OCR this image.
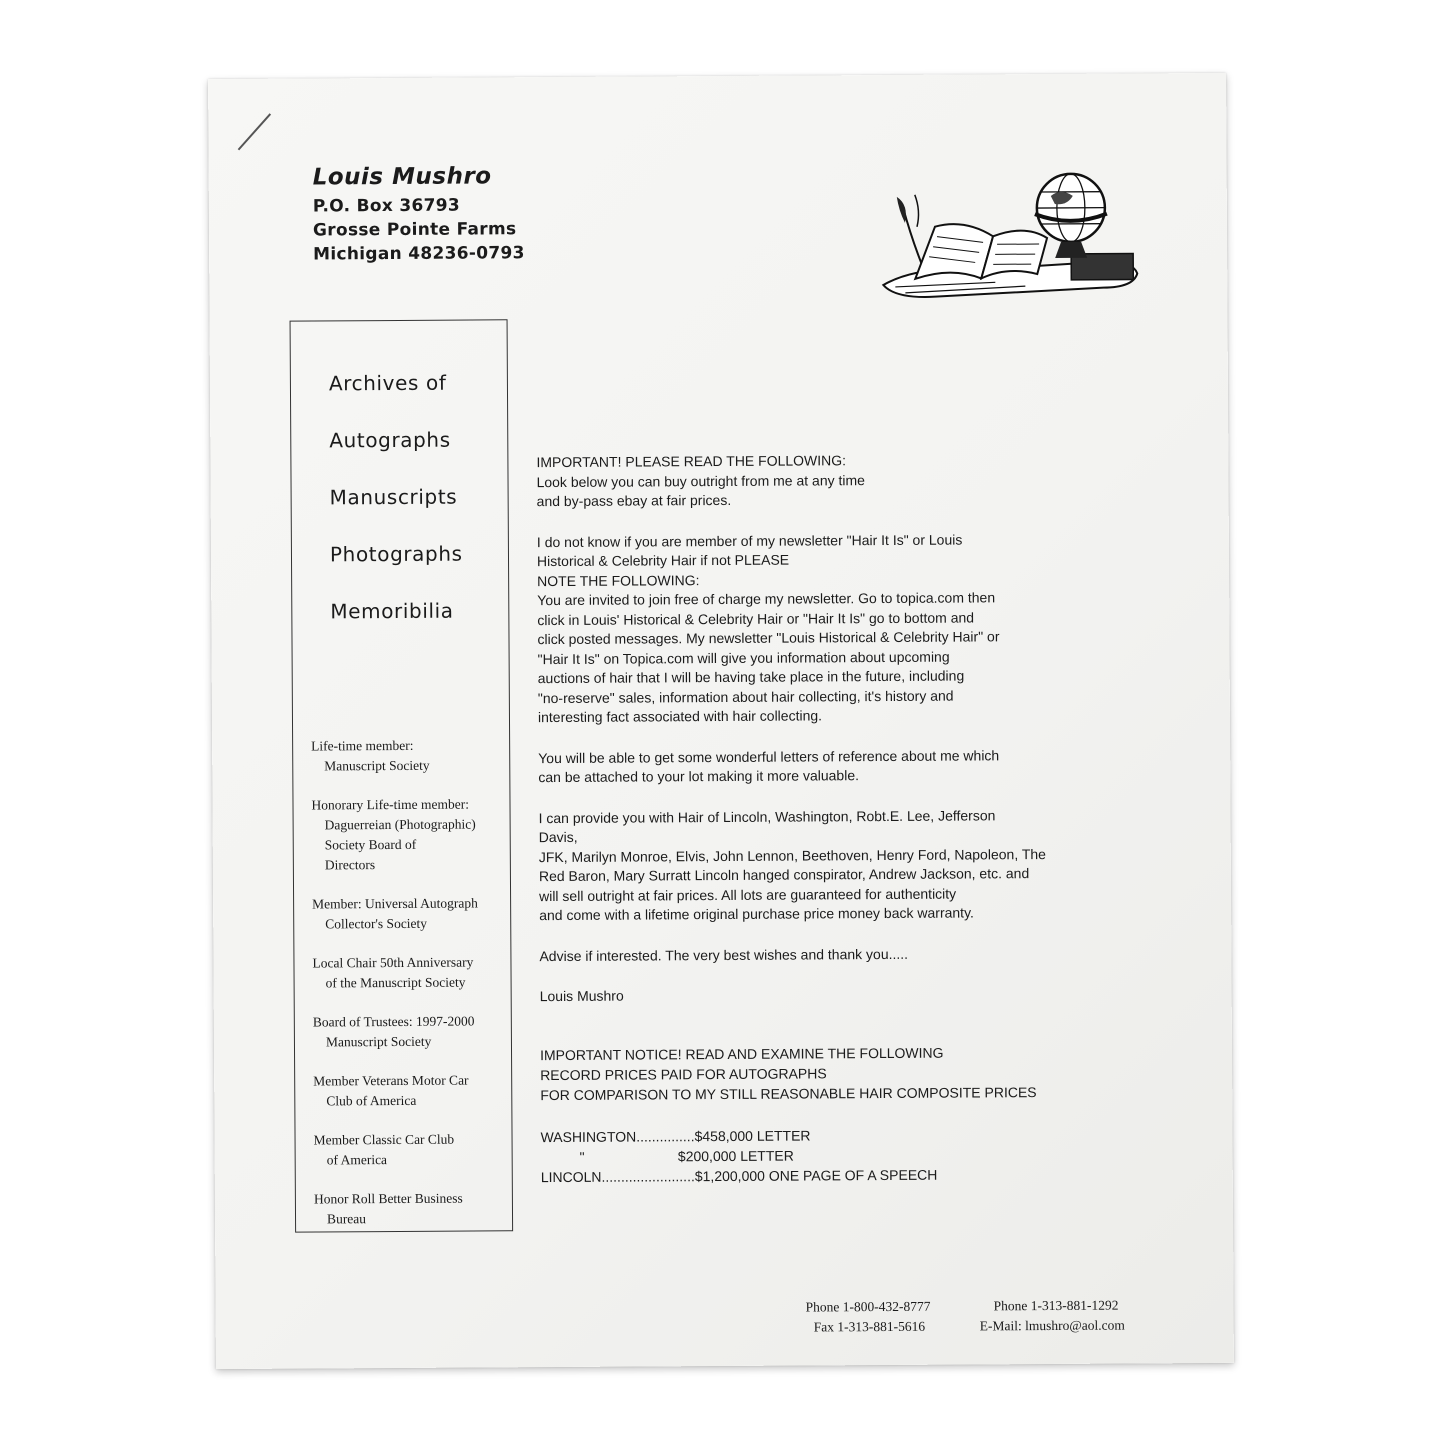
Louis Mushro
P.O. Box 36793
Grosse Pointe Farms
Michigan 48236-0793
Archives of
Autographs
Manuscripts
Photographs
Memoribilia
Life-time member:
Manuscript Society
Honorary Life-time member:
Daguerreian (Photographic)
Society Board of
Directors
Member: Universal Autograph
Collector's Society
Local Chair 50th Anniversary
of the Manuscript Society
Board of Trustees: 1997-2000
Manuscript Society
Member Veterans Motor Car
Club of America
Member Classic Car Club
of America
Honor Roll Better Business
Bureau

IMPORTANT! PLEASE READ THE FOLLOWING:
Look below you can buy outright from me at any time
and by-pass ebay at fair prices.

I do not know if you are member of my newsletter "Hair It Is" or Louis
Historical & Celebrity Hair if not PLEASE
NOTE THE FOLLOWING:
You are invited to join free of charge my newsletter. Go to topica.com then
click in Louis' Historical & Celebrity Hair or "Hair It Is" go to bottom and
click posted messages. My newsletter "Louis Historical & Celebrity Hair" or
"Hair It Is" on Topica.com will give you information about upcoming
auctions of hair that I will be having take place in the future, including
"no-reserve" sales, information about hair collecting, it's history and
interesting fact associated with hair collecting.

You will be able to get some wonderful letters of reference about me which
can be attached to your lot making it more valuable.

I can provide you with Hair of Lincoln, Washington, Robt.E. Lee, Jefferson
Davis,
JFK, Marilyn Monroe, Elvis, John Lennon, Beethoven, Henry Ford, Napoleon, The
Red Baron, Mary Surratt Lincoln hanged conspirator, Andrew Jackson, etc. and
will sell outright at fair prices. All lots are guaranteed for authenticity
and come with a lifetime original purchase price money back warranty.

Advise if interested. The very best wishes and thank you.....

Louis Mushro

IMPORTANT NOTICE! READ AND EXAMINE THE FOLLOWING
RECORD PRICES PAID FOR AUTOGRAPHS
FOR COMPARISON TO MY STILL REASONABLE HAIR COMPOSITE PRICES

WASHINGTON............... $458,000 LETTER
" $200,000 LETTER
LINCOLN........................ $1,200,000 ONE PAGE OF A SPEECH
Phone 1-800-432-8777	Phone 1-313-881-1292
Fax 1-313-881-5616	E-Mail: lmushro@aol.com
